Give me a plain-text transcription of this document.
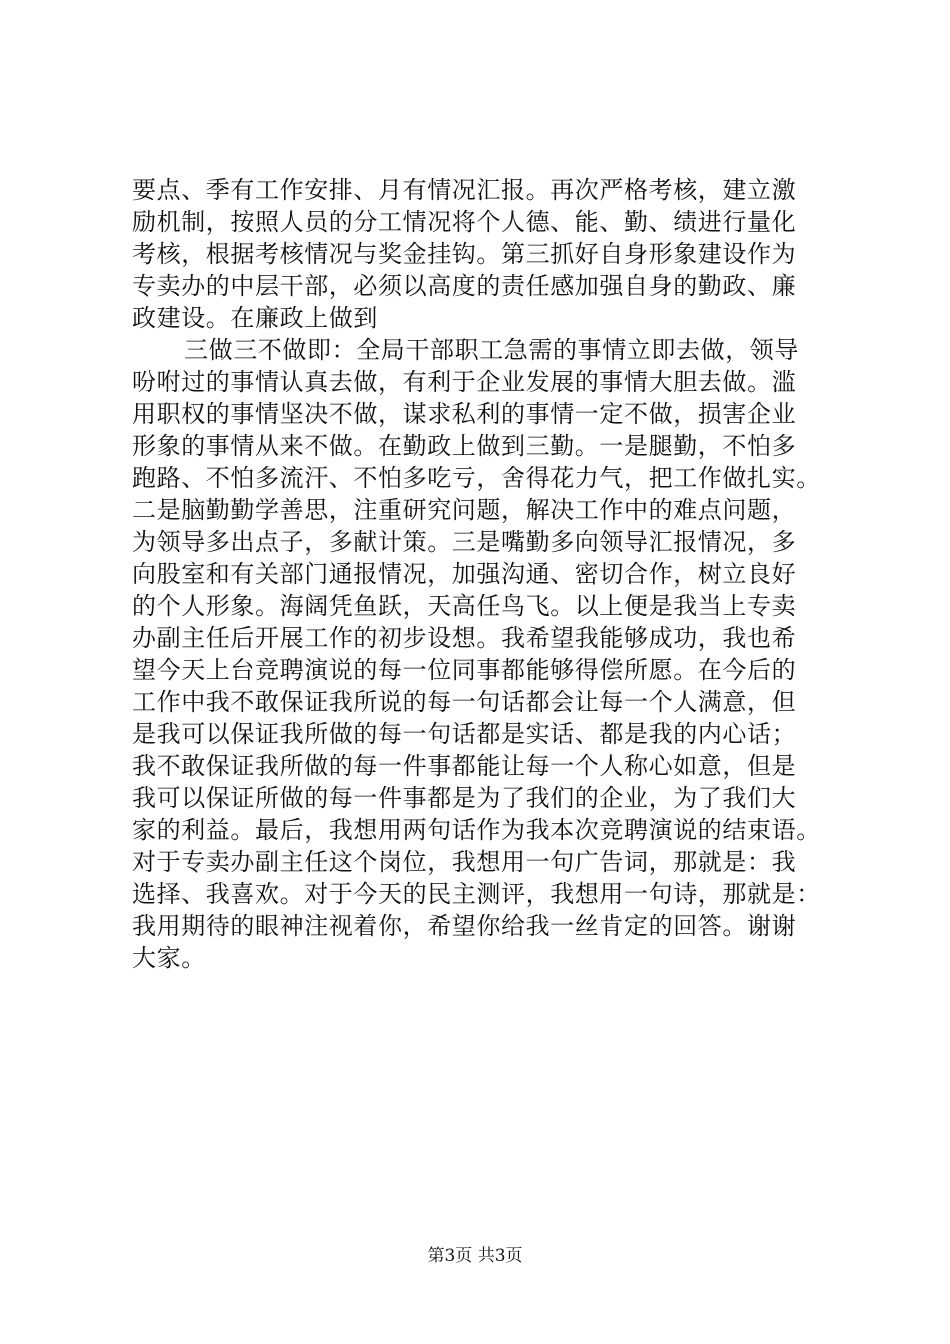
要点、季有工作安排、月有情况汇报。再次严格考核，建立激
励机制，按照人员的分工情况将个人德、能、勤、绩进行量化
考核，根据考核情况与奖金挂钩。第三抓好自身形象建设作为
专卖办的中层干部，必须以高度的责任感加强自身的勤政、廉
政建设。在廉政上做到
三做三不做即：全局干部职工急需的事情立即去做，领导
吩咐过的事情认真去做，有利于企业发展的事情大胆去做。滥
用职权的事情坚决不做，谋求私利的事情一定不做，损害企业
形象的事情从来不做。在勤政上做到三勤。一是腿勤，不怕多
跑路、不怕多流汗、不怕多吃亏，舍得花力气，把工作做扎实。
二是脑勤勤学善思，注重研究问题，解决工作中的难点问题，
为领导多出点子，多献计策。三是嘴勤多向领导汇报情况，多
向股室和有关部门通报情况，加强沟通、密切合作，树立良好
的个人形象。海阔凭鱼跃，天高任鸟飞。以上便是我当上专卖
办副主任后开展工作的初步设想。我希望我能够成功，我也希
望今天上台竞聘演说的每一位同事都能够得偿所愿。在今后的
工作中我不敢保证我所说的每一句话都会让每一个人满意，但
是我可以保证我所做的每一句话都是实话、都是我的内心话；
我不敢保证我所做的每一件事都能让每一个人称心如意，但是
我可以保证所做的每一件事都是为了我们的企业，为了我们大
家的利益。最后，我想用两句话作为我本次竞聘演说的结束语。
对于专卖办副主任这个岗位，我想用一句广告词，那就是：我
选择、我喜欢。对于今天的民主测评，我想用一句诗，那就是：
我用期待的眼神注视着你，希望你给我一丝肯定的回答。谢谢
大家。
第3页 共3页
